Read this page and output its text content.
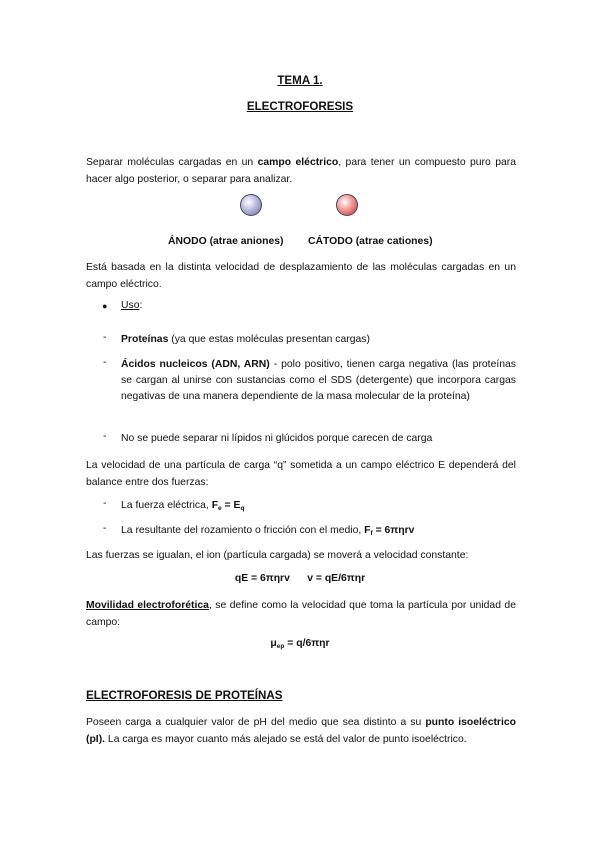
TEMA 1.
ELECTROFORESIS
Separar moléculas cargadas en un campo eléctrico, para tener un compuesto puro para hacer algo posterior, o separar para analizar.
ÁNODO (atrae aniones) CÁTODO (atrae cationes)
Está basada en la distinta velocidad de desplazamiento de las moléculas cargadas en un campo eléctrico.
● Uso:
- Proteínas (ya que estas moléculas presentan cargas)
- Ácidos nucleicos (ADN, ARN) - polo positivo, tienen carga negativa (las proteínas se cargan al unirse con sustancias como el SDS (detergente) que incorpora cargas negativas de una manera dependiente de la masa molecular de la proteína)
- No se puede separar ni lípidos ni glúcidos porque carecen de carga
La velocidad de una partícula de carga “q” sometida a un campo eléctrico E dependerá del balance entre dos fuerzas:
- La fuerza eléctrica, $F_e = E_q$
- La resultante del rozamiento o fricción con el medio, $F_f = 6\pi\eta rv$
Las fuerzas se igualan, el ion (partícula cargada) se moverá a velocidad constante:
qE = 6πηrv      v = qE/6πηr
Movilidad electroforética, se define como la velocidad que toma la partícula por unidad de campo:
$\mu_{ep} = q/6\pi\eta r$
ELECTROFORESIS DE PROTEÍNAS
Poseen carga a cualquier valor de pH del medio que sea distinto a su punto isoeléctrico (pI). La carga es mayor cuanto más alejado se está del valor de punto isoeléctrico.
